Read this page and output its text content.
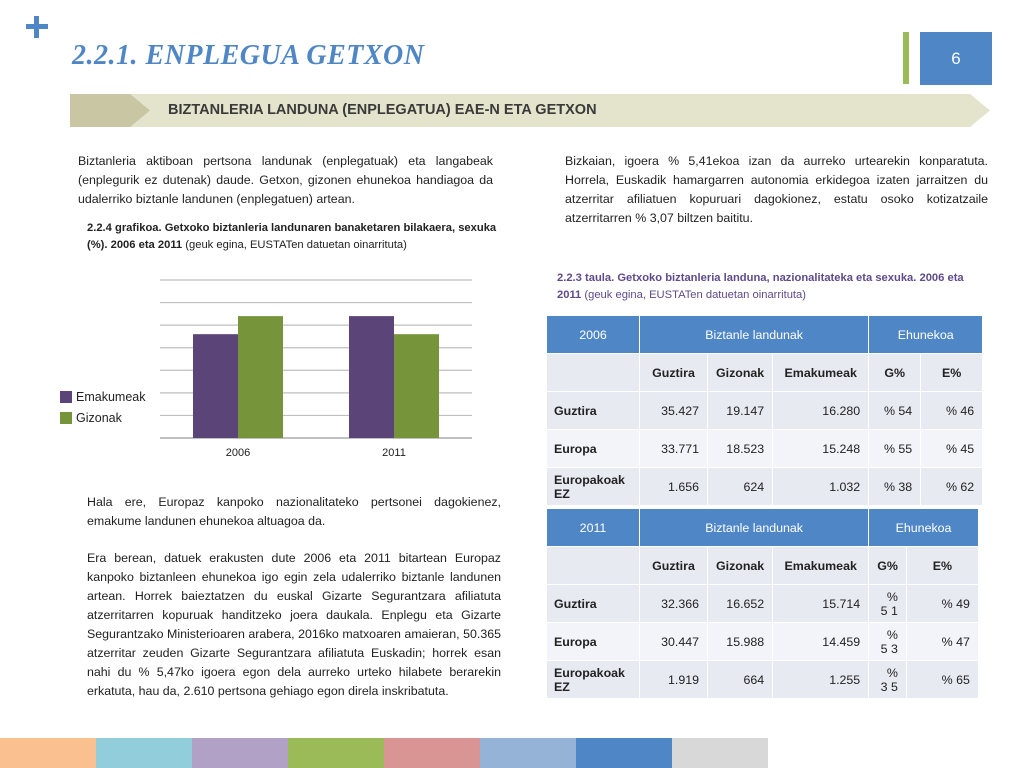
2.2.1. ENPLEGUA GETXON	6
BIZTANLERIA LANDUNA (ENPLEGATUA) EAE-N ETA GETXON
Biztanleria aktiboan pertsona landunak (enplegatuak) eta langabeak (enplegurik ez dutenak) daude. Getxon, gizonen ehunekoa handiagoa da udalerriko biztanle landunen (enplegatuen) artean.
2.2.4 grafikoa. Getxoko biztanleria landunaren banaketaren bilakaera, sexuka (%). 2006 eta 2011 (geuk egina, EUSTATen datuetan oinarrituta)
2006	2011
Emakumeak
Gizonak
Hala ere, Europaz kanpoko nazionalitateko pertsonei dagokienez, emakume landunen ehunekoa altuagoa da.
Era berean, datuek erakusten dute 2006 eta 2011 bitartean Europaz kanpoko biztanleen ehunekoa igo egin zela udalerriko biztanle landunen artean. Horrek baieztatzen du euskal Gizarte Segurantzara afiliatuta atzerritarren kopuruak handitzeko joera daukala. Enplegu eta Gizarte Segurantzako Ministerioaren arabera, 2016ko matxoaren amaieran, 50.365 atzerritar zeuden Gizarte Segurantzara afiliatuta Euskadin; horrek esan nahi du % 5,47ko igoera egon dela aurreko urteko hilabete berarekin erkatuta, hau da, 2.610 pertsona gehiago egon direla inskribatuta.
Bizkaian, igoera % 5,41ekoa izan da aurreko urtearekin konparatuta. Horrela, Euskadik hamargarren autonomia erkidegoa izaten jarraitzen du atzerritar afiliatuen kopuruari dagokionez, estatu osoko kotizatzaile atzerritarren % 3,07 biltzen baititu.
2.2.3 taula. Getxoko biztanleria landuna, nazionalitateka eta sexuka. 2006 eta 2011 (geuk egina, EUSTATen datuetan oinarrituta)
2006	Biztanle landunak			Ehunekoa	
	Guztira	Gizonak	Emakumeak	G%	E%
Guztira	35.427	19.147	16.280	% 54	% 46
Europa	33.771	18.523	15.248	% 55	% 45
Europakoak EZ	1.656	624	1.032	% 38	% 62
2011	Biztanle landunak			Ehunekoa	
	Guztira	Gizonak	Emakumeak	G%	E%
Guztira	32.366	16.652	15.714	% 5 1	% 49
Europa	30.447	15.988	14.459	% 5 3	% 47
Europakoak EZ	1.919	664	1.255	% 3 5	% 65
